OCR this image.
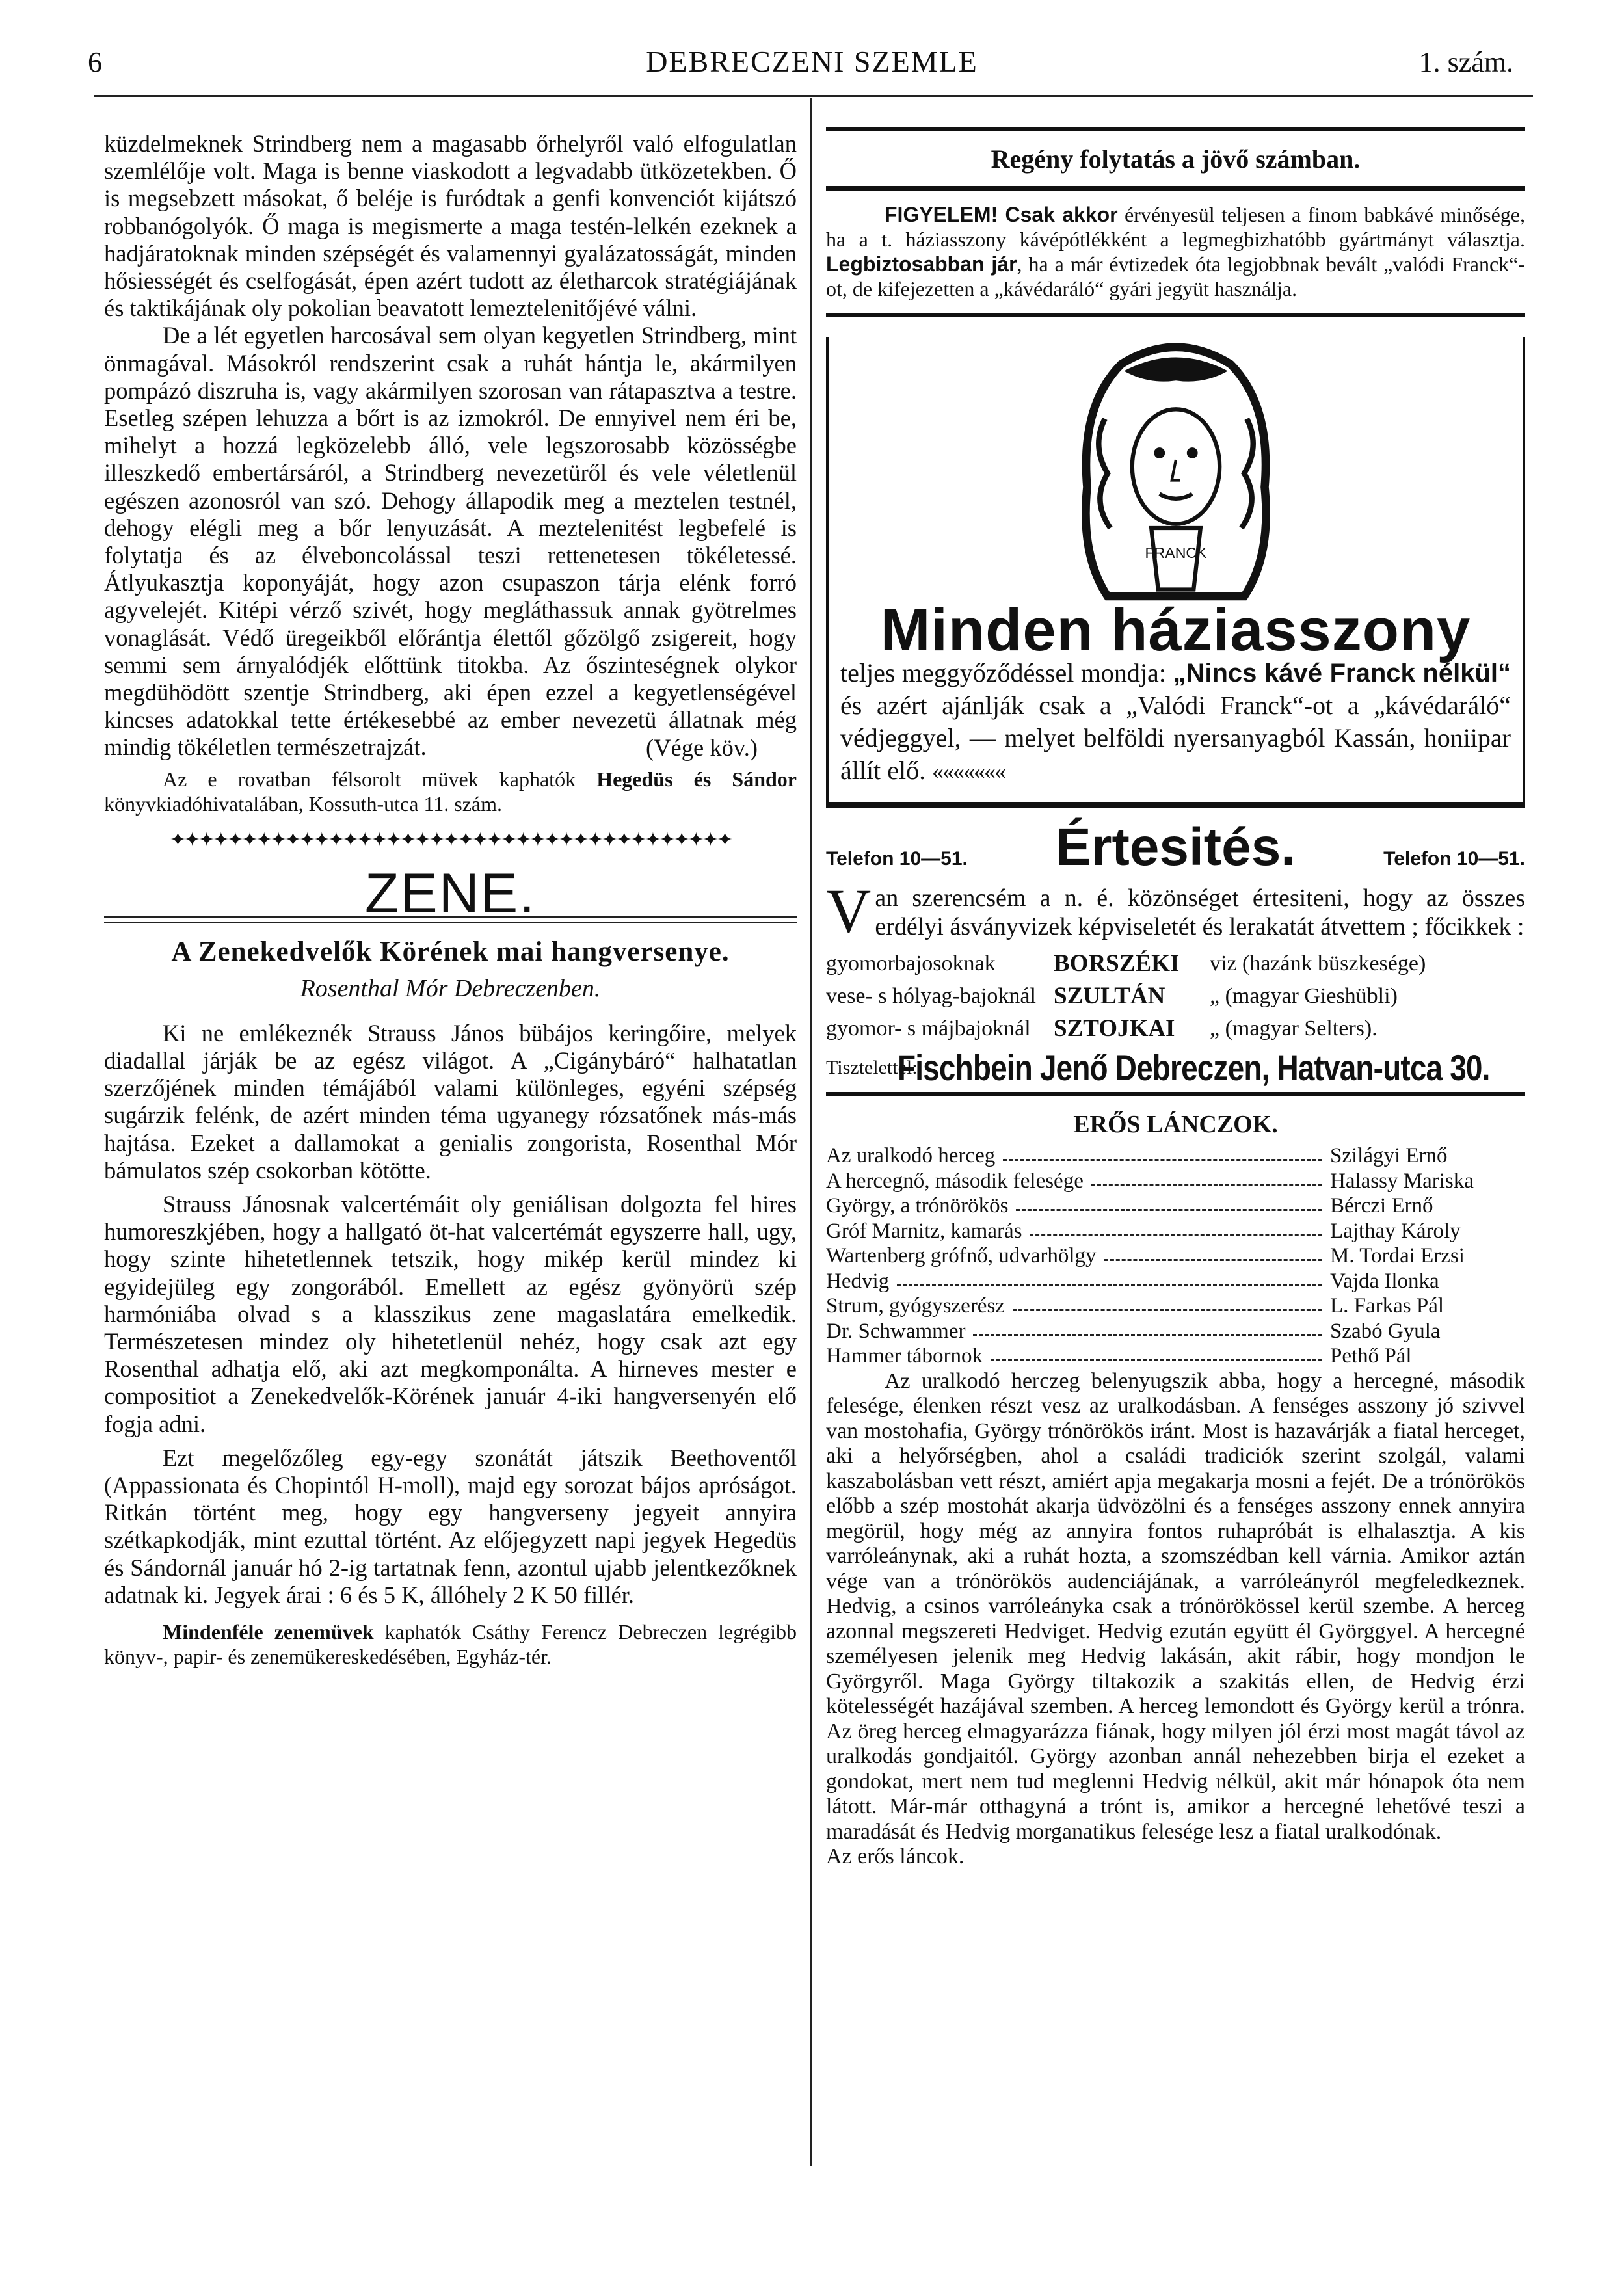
6	DEBRECZENI SZEMLE	1. szám.

küzdelmeknek Strindberg nem a magasabb őrhelyről való elfogulatlan szemlélője volt. Maga is benne viaskodott a legvadabb ütközetekben. Ő is megsebzett másokat, ő beléje is furódtak a genfi konvenciót kijátszó robbanógolyók. Ő maga is megismerte a maga testén-lelkén ezeknek a hadjáratoknak minden szépségét és valamennyi gyalázatosságát, minden hősiességét és cselfogását, épen azért tudott az életharcok stratégiájának és taktikájának oly pokolian beavatott lemeztelenitőjévé válni.

De a lét egyetlen harcosával sem olyan kegyetlen Strindberg, mint önmagával. Másokról rendszerint csak a ruhát hántja le, akármilyen pompázó diszruha is, vagy akármilyen szorosan van rátapasztva a testre. Esetleg szépen lehuzza a bőrt is az izmokról. De ennyivel nem éri be, mihelyt a hozzá legközelebb álló, vele legszorosabb közösségbe illeszkedő embertársáról, a Strindberg nevezetüről és vele véletlenül egészen azonosról van szó. Dehogy állapodik meg a meztelen testnél, dehogy elégli meg a bőr lenyuzását. A meztelenitést legbefelé is folytatja és az élveboncolással teszi rettenetesen tökéletessé. Átlyukasztja koponyáját, hogy azon csupaszon tárja elénk forró agyvelejét. Kitépi vérző szivét, hogy megláthassuk annak gyötrelmes vonaglását. Védő üregeikből előrántja élettől gőzölgő zsigereit, hogy semmi sem árnyalódjék előttünk titokba. Az őszinteségnek olykor megdühödött szentje Strindberg, aki épen ezzel a kegyetlenségével kincses adatokkal tette értékesebbé az ember nevezetü állatnak még mindig tökéletlen természetrajzát.	(Vége köv.)

Az e rovatban félsorolt müvek kaphatók Hegedüs és Sándor könyvkiadóhivatalában, Kossuth-utca 11. szám.

✦✦✦✦✦✦✦✦✦✦✦✦✦✦✦✦✦✦✦✦✦✦✦✦✦✦✦✦✦✦✦✦✦✦✦✦✦✦✦
ZENE.
A Zenekedvelők Körének mai hangversenye.
Rosenthal Mór Debreczenben.

Ki ne emlékeznék Strauss János bübájos keringőire, melyek diadallal járják be az egész világot. A „Cigánybáró“ halhatatlan szerzőjének minden témájából valami különleges, egyéni szépség sugárzik felénk, de azért minden téma ugyanegy rózsatőnek más-más hajtása. Ezeket a dallamokat a genialis zongorista, Rosenthal Mór bámulatos szép csokorban kötötte.

Strauss Jánosnak valcertémáit oly geniálisan dolgozta fel hires humoreszkjében, hogy a hallgató öt-hat valcertémát egyszerre hall, ugy, hogy szinte hihetetlennek tetszik, hogy mikép kerül mindez ki egyidejüleg egy zongorából. Emellett az egész gyönyörü szép harmóniába olvad s a klasszikus zene magaslatára emelkedik. Természetesen mindez oly hihetetlenül nehéz, hogy csak azt egy Rosenthal adhatja elő, aki azt megkomponálta. A hirneves mester e compositiot a Zenekedvelők-Körének január 4-iki hangversenyén elő fogja adni.

Ezt megelőzőleg egy-egy szonátát játszik Beethoventől (Appassionata és Chopintól H-moll), majd egy sorozat bájos apróságot. Ritkán történt meg, hogy egy hangverseny jegyeit annyira szétkapkodják, mint ezuttal történt. Az előjegyzett napi jegyek Hegedüs és Sándornál január hó 2-ig tartatnak fenn, azontul ujabb jelentkezőknek adatnak ki. Jegyek árai : 6 és 5 K, állóhely 2 K 50 fillér.

Mindenféle zenemüvek kaphatók Csáthy Ferencz Debreczen legrégibb könyv-, papir- és zenemükereskedésében, Egyház-tér.

Regény folytatás a jövő számban.

FIGYELEM! Csak akkor érvényesül teljesen a finom babkávé minősége, ha a t. háziasszony kávépótlékként a legmegbizhatóbb gyártmányt választja. Legbiztosabban jár, ha a már évtizedek óta legjobbnak bevált „valódi Franck“-ot, de kifejezetten a „kávédaráló“ gyári jegyüt használja.

FRANCK
Minden háziasszony

teljes meggyőződéssel mondja: „Nincs kávé Franck nélkül“ és azért ajánlják csak a „Valódi Franck“-ot a „kávédaráló“ védjeggyel, — melyet belföldi nyersanyagból Kassán, honiipar állít elő. «««««««

Telefon 10—51. Értesités.	Telefon 10—51.
Van szerencsém a n. é. közönséget értesiteni, hogy az összes erdélyi ásványvizek képviseletét és lerakatát átvettem ; főcikkek :
gyomorbajosoknak	BORSZÉKI	viz (hazánk büszkesége)
vese- s hólyag-bajoknál SZULTÁN	„ (magyar Gieshübli)
gyomor- s májbajoknál SZTOJKAI	„ (magyar Selters).
Tisztelettel:
Fischbein Jenő Debreczen, Hatvan-utca 30.
ERŐS LÁNCZOK.
Az uralkodó herceg	Szilágyi Ernő
A hercegnő, második felesége	Halassy Mariska
György, a trónörökös	Bérczi Ernő
Gróf Marnitz, kamarás	Lajthay Károly
Wartenberg grófnő, udvarhölgy	M. Tordai Erzsi
Hedvig	Vajda Ilonka
Strum, gyógyszerész	L. Farkas Pál
Dr. Schwammer	Szabó Gyula
Hammer tábornok	Pethő Pál

Az uralkodó herczeg belenyugszik abba, hogy a hercegné, második felesége, élenken részt vesz az uralkodásban. A fenséges asszony jó szivvel van mostohafia, György trónörökös iránt. Most is hazavárják a fiatal herceget, aki a helyőrségben, ahol a családi tradiciók szerint szolgál, valami kaszabolásban vett részt, amiért apja megakarja mosni a fejét. De a trónörökös előbb a szép mostohát akarja üdvözölni és a fenséges asszony ennek annyira megörül, hogy még az annyira fontos ruhapróbát is elhalasztja. A kis varróleánynak, aki a ruhát hozta, a szomszédban kell várnia. Amikor aztán vége van a trónörökös audenciájának, a varróleányról megfeledkeznek. Hedvig, a csinos varróleányka csak a trónörökössel kerül szembe. A herceg azonnal megszereti Hedviget. Hedvig ezután együtt él Györggyel. A hercegné személyesen jelenik meg Hedvig lakásán, akit rábir, hogy mondjon le Györgyről. Maga György tiltakozik a szakitás ellen, de Hedvig érzi kötelességét hazájával szemben. A herceg lemondott és György kerül a trónra. Az öreg herceg elmagyarázza fiának, hogy milyen jól érzi most magát távol az uralkodás gondjaitól. György azonban annál nehezebben birja el ezeket a gondokat, mert nem tud meglenni Hedvig nélkül, akit már hónapok óta nem látott. Már-már otthagyná a trónt is, amikor a hercegné lehetővé teszi a maradását és Hedvig morganatikus felesége lesz a fiatal uralkodónak.

Az erős láncok.
